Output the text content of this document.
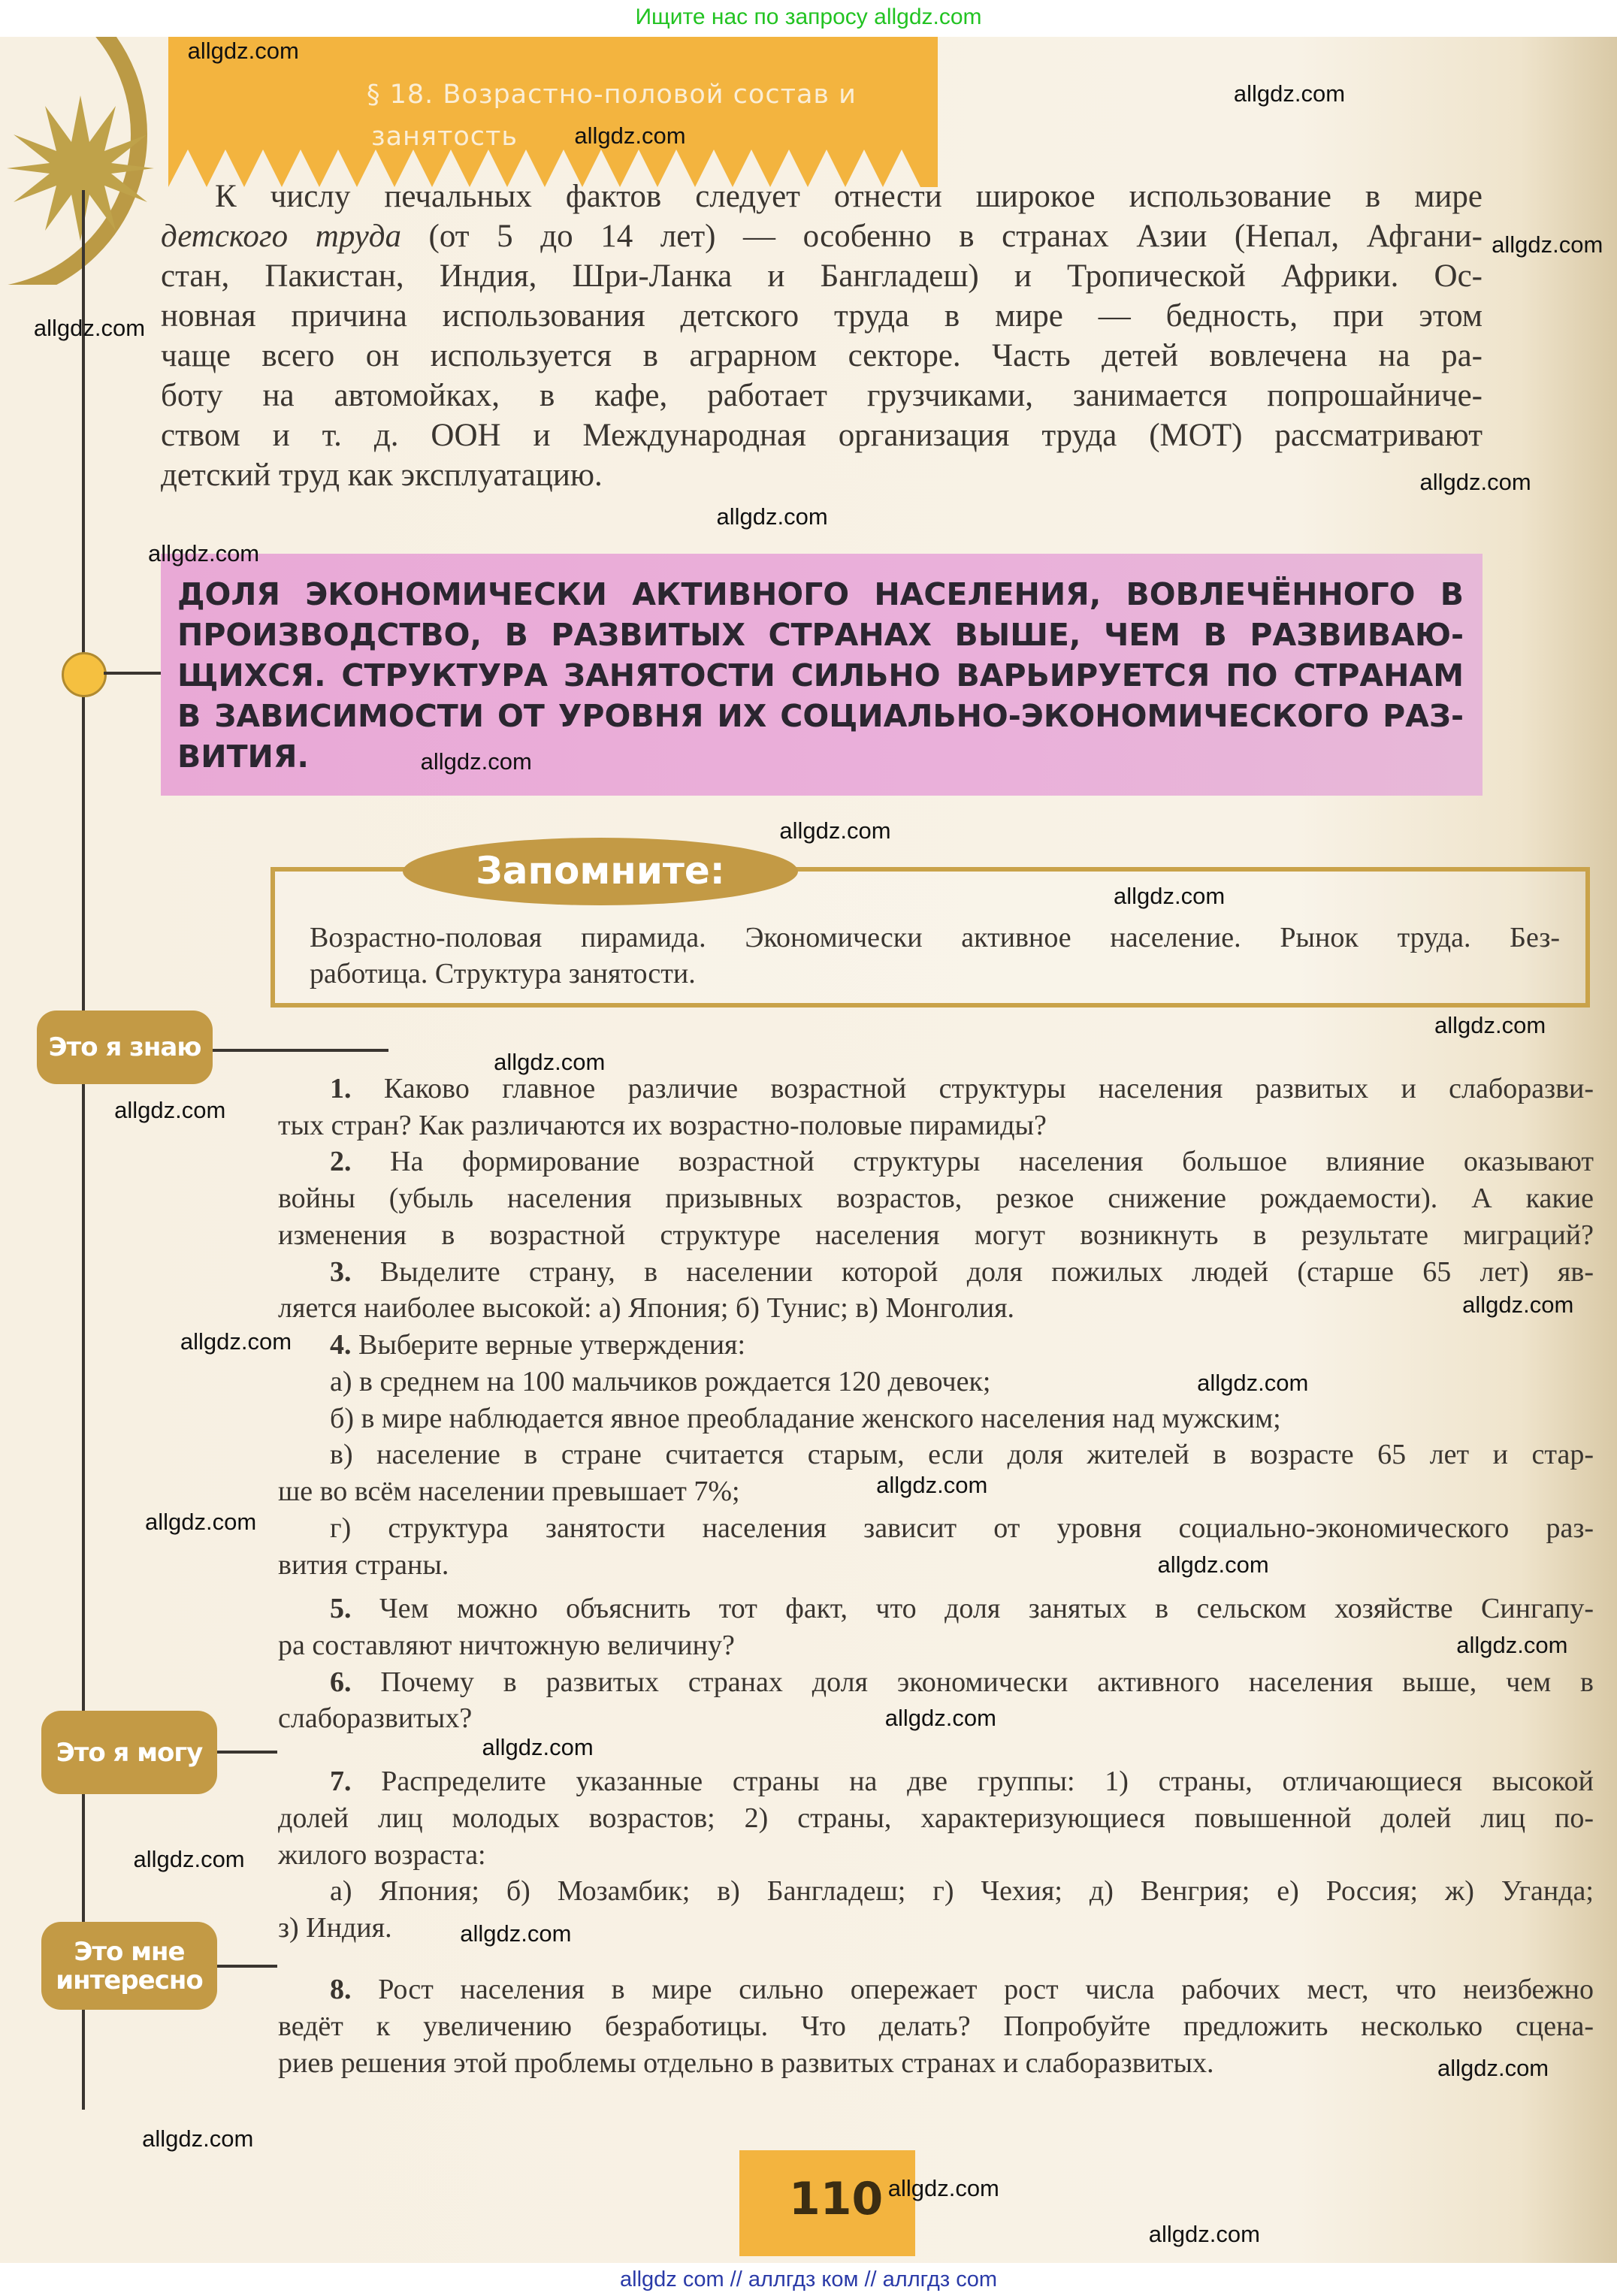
Ищите нас по запросу allgdz.com
§ 18. Возрастно-половой состав и
занятость
К числу печальных фактов следует отнести широкое использование в мире
детского труда (от 5 до 14 лет) — особенно в странах Азии (Непал, Афгани-
стан, Пакистан, Индия, Шри-Ланка и Бангладеш) и Тропической Африки. Ос-
новная причина использования детского труда в мире — бедность, при этом
чаще всего он используется в аграрном секторе. Часть детей вовлечена на ра-
боту на автомойках, в кафе, работает грузчиками, занимается попрошайниче-
ством и т. д. ООН и Международная организация труда (МОТ) рассматривают
детский труд как эксплуатацию.
ДОЛЯ ЭКОНОМИЧЕСКИ АКТИВНОГО НАСЕЛЕНИЯ, ВОВЛЕЧЁННОГО В
ПРОИЗВОДСТВО, В РАЗВИТЫХ СТРАНАХ ВЫШЕ, ЧЕМ В РАЗВИВАЮ-
ЩИХСЯ. СТРУКТУРА ЗАНЯТОСТИ СИЛЬНО ВАРЬИРУЕТСЯ ПО СТРАНАМ
В ЗАВИСИМОСТИ ОТ УРОВНЯ ИХ СОЦИАЛЬНО-ЭКОНОМИЧЕСКОГО РАЗ-
ВИТИЯ.
Возрастно-половая пирамида. Экономически активное население. Рынок труда. Без-
работица. Структура занятости.
Запомните:
Это я знаю
Это я могу
Это мне
интересно
1. Каково главное различие возрастной структуры населения развитых и слаборазви-
тых стран? Как различаются их возрастно-половые пирамиды?
2. На формирование возрастной структуры населения большое влияние оказывают
войны (убыль населения призывных возрастов, резкое снижение рождаемости). А какие
изменения в возрастной структуре населения могут возникнуть в результате миграций?
3. Выделите страну, в населении которой доля пожилых людей (старше 65 лет) яв-
ляется наиболее высокой: а) Япония; б) Тунис; в) Монголия.
4. Выберите верные утверждения:
а) в среднем на 100 мальчиков рождается 120 девочек;
б) в мире наблюдается явное преобладание женского населения над мужским;
в) население в стране считается старым, если доля жителей в возрасте 65 лет и стар-
ше во всём населении превышает 7%;
г) структура занятости населения зависит от уровня социально-экономического раз-
вития страны.
5. Чем можно объяснить тот факт, что доля занятых в сельском хозяйстве Сингапу-
ра составляют ничтожную величину?
6. Почему в развитых странах доля экономически активного населения выше, чем в
слаборазвитых?
7. Распределите указанные страны на две группы: 1) страны, отличающиеся высокой
долей лиц молодых возрастов; 2) страны, характеризующиеся повышенной долей лиц по-
жилого возраста:
а) Япония; б) Мозамбик; в) Бангладеш; г) Чехия; д) Венгрия; е) Россия; ж) Уганда;
з) Индия.
8. Рост населения в мире сильно опережает рост числа рабочих мест, что неизбежно
ведёт к увеличению безработицы. Что делать? Попробуйте предложить несколько сцена-
риев решения этой проблемы отдельно в развитых странах и слаборазвитых.
110
allgdz com // аллгдз ком // аллгдз com
allgdz.com
allgdz.com
allgdz.com
allgdz.com
allgdz.com
allgdz.com
allgdz.com
allgdz.com
allgdz.com
allgdz.com
allgdz.com
allgdz.com
allgdz.com
allgdz.com
allgdz.com
allgdz.com
allgdz.com
allgdz.com
allgdz.com
allgdz.com
allgdz.com
allgdz.com
allgdz.com
allgdz.com
allgdz.com
allgdz.com
allgdz.com
allgdz.com
allgdz.com
